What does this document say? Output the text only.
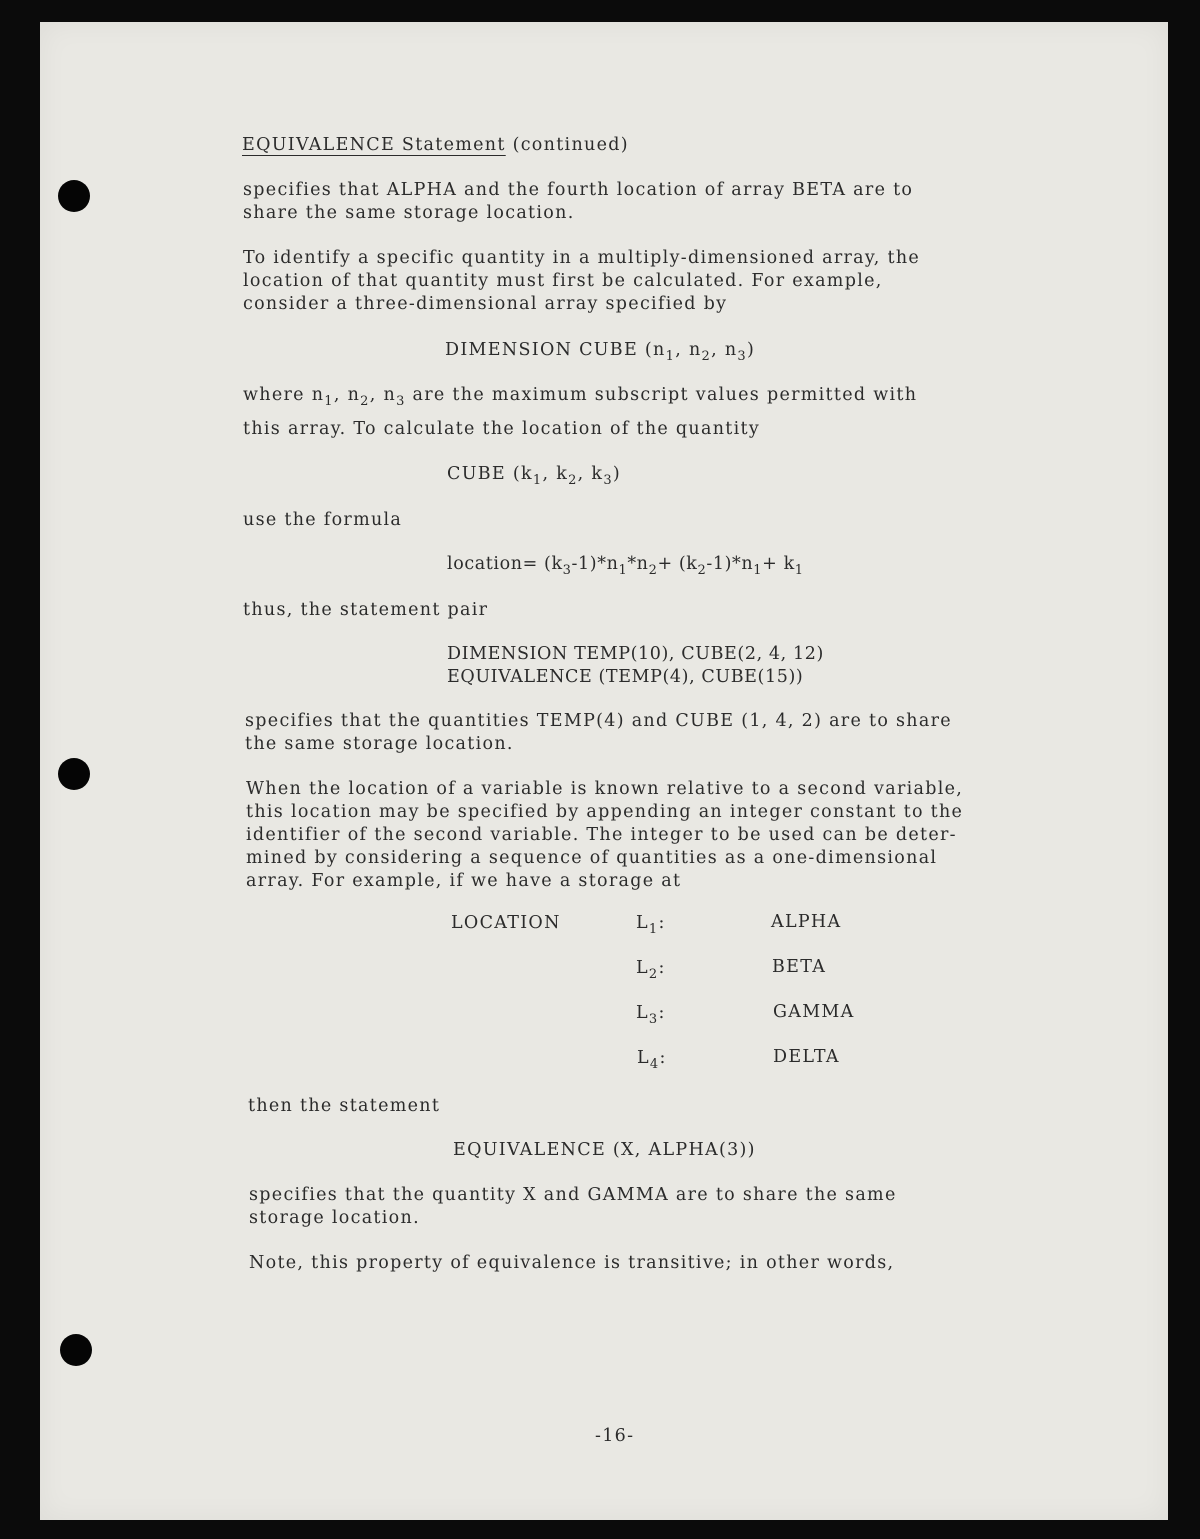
EQUIVALENCE Statement (continued)
specifies that ALPHA and the fourth location of array BETA are to
share the same storage location.
To identify a specific quantity in a multiply-dimensioned array, the
location of that quantity must first be calculated. For example,
consider a three-dimensional array specified by
DIMENSION CUBE ($n_1$, $n_2$, $n_3$)
where $n_1$, $n_2$, $n_3$ are the maximum subscript values permitted with
this array. To calculate the location of the quantity
CUBE ($k_1$, $k_2$, $k_3$)
use the formula
location= $(k_3-1)*n_1*n_2+ (k_2-1)*n_1+ k_1$
thus, the statement pair
DIMENSION TEMP(10), CUBE(2, 4, 12)
EQUIVALENCE (TEMP(4), CUBE(15))
specifies that the quantities TEMP(4) and CUBE (1, 4, 2) are to share
the same storage location.
When the location of a variable is known relative to a second variable,
this location may be specified by appending an integer constant to the
identifier of the second variable. The integer to be used can be deter-
mined by considering a sequence of quantities as a one-dimensional
array. For example, if we have a storage at
LOCATION	$L_1$:	ALPHA
$L_2$:	BETA
$L_3$:	GAMMA
$L_4$:	DELTA
then the statement
EQUIVALENCE (X, ALPHA(3))
specifies that the quantity X and GAMMA are to share the same
storage location.
Note, this property of equivalence is transitive; in other words,
-16-
